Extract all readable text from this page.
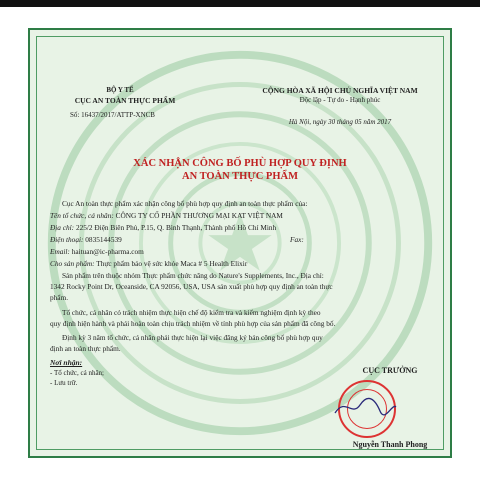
BỘ Y TẾ
CỤC AN TOÀN THỰC PHẨM
Số: 16437/2017/ATTP-XNCB
CỘNG HÒA XÃ HỘI CHỦ NGHĨA VIỆT NAM
Độc lập - Tự do - Hạnh phúc
Hà Nội, ngày 30 tháng 05 năm 2017
XÁC NHẬN CÔNG BỐ PHÙ HỢP QUY ĐỊNH
AN TOÀN THỰC PHẨM
Cục An toàn thực phẩm xác nhận công bố phù hợp quy định an toàn thực phẩm của:
Tên tổ chức, cá nhân: CÔNG TY CỔ PHẦN THƯƠNG MẠI KAT VIỆT NAM
Địa chỉ: 225/2 Điện Biên Phủ, P.15, Q. Bình Thạnh, Thành phố Hồ Chí Minh
Điện thoại: 0835144539	Fax:
Email: haituan@ic-pharma.com
Cho sản phẩm: Thực phẩm bảo vệ sức khỏe Maca # 5 Health Elixir
Sản phẩm trên thuộc nhóm Thực phẩm chức năng do Nature's Supplements, Inc., Địa chỉ:
1342 Rocky Point Dr, Oceanside, CA 92056, USA, USA sản xuất phù hợp quy định an toàn thực
phẩm.
Tổ chức, cá nhân có trách nhiệm thực hiện chế độ kiểm tra và kiểm nghiệm định kỳ theo
quy định hiện hành và phải hoàn toàn chịu trách nhiệm về tính phù hợp của sản phẩm đã công bố.
Định kỳ 3 năm tổ chức, cá nhân phải thực hiện lại việc đăng ký bản công bố phù hợp quy
định an toàn thực phẩm.
Nơi nhận:
- Tổ chức, cá nhân;
- Lưu trữ.
CỤC TRƯỞNG
Nguyễn Thanh Phong
